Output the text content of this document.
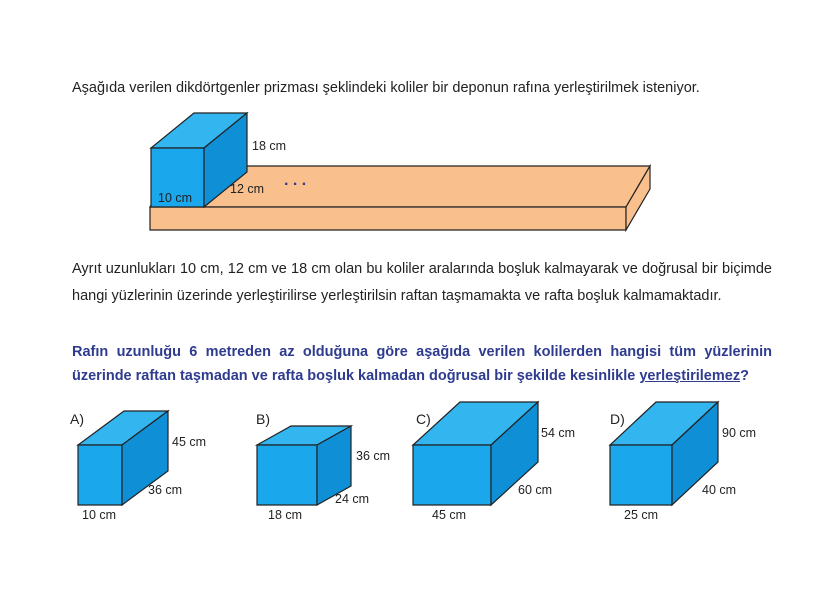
Aşağıda verilen dikdörtgenler prizması şeklindeki koliler bir deponun rafına yerleştirilmek isteniyor.
18 cm
10 cm
12 cm . . .
A)
45 cm
36 cm
10 cm
B)
36 cm
24 cm
18 cm
C)
54 cm
60 cm
45 cm
D)
90 cm
40 cm
25 cm
Ayrıt uzunlukları 10 cm, 12 cm ve 18 cm olan bu koliler aralarında boşluk kalmayarak ve doğrusal bir biçimde hangi yüzlerinin üzerinde yerleştirilirse yerleştirilsin raftan taşmamakta ve rafta boşluk kalmamaktadır.
Rafın uzunluğu 6 metreden az olduğuna göre aşağıda verilen kolilerden hangisi tüm yüzlerinin üzerinde raftan taşmadan ve rafta boşluk kalmadan doğrusal bir şekilde kesinlikle yerleştirilemez?
